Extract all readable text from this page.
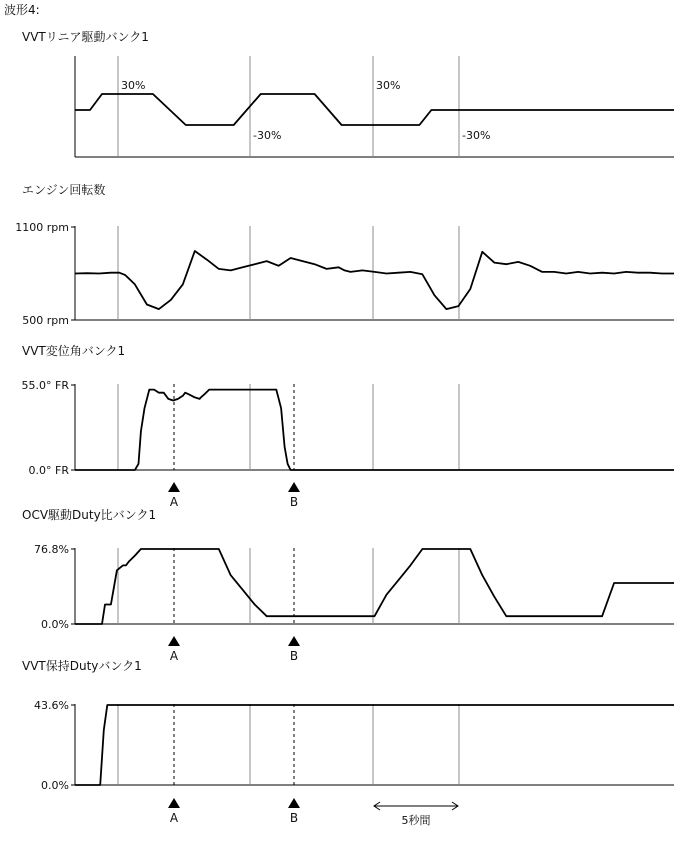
波形4:
VVTリニア駆動バンク1
30%
-30%
30%
-30%
エンジン回転数
1100 rpm
500 rpm
VVT変位角バンク1
55.0° FR
0.0° FR
A	B
OCV駆動Duty比バンク1
76.8%
0.0%
A	B
VVT保持Dutyバンク1
43.6%
0.0%
A	B	5秒間
